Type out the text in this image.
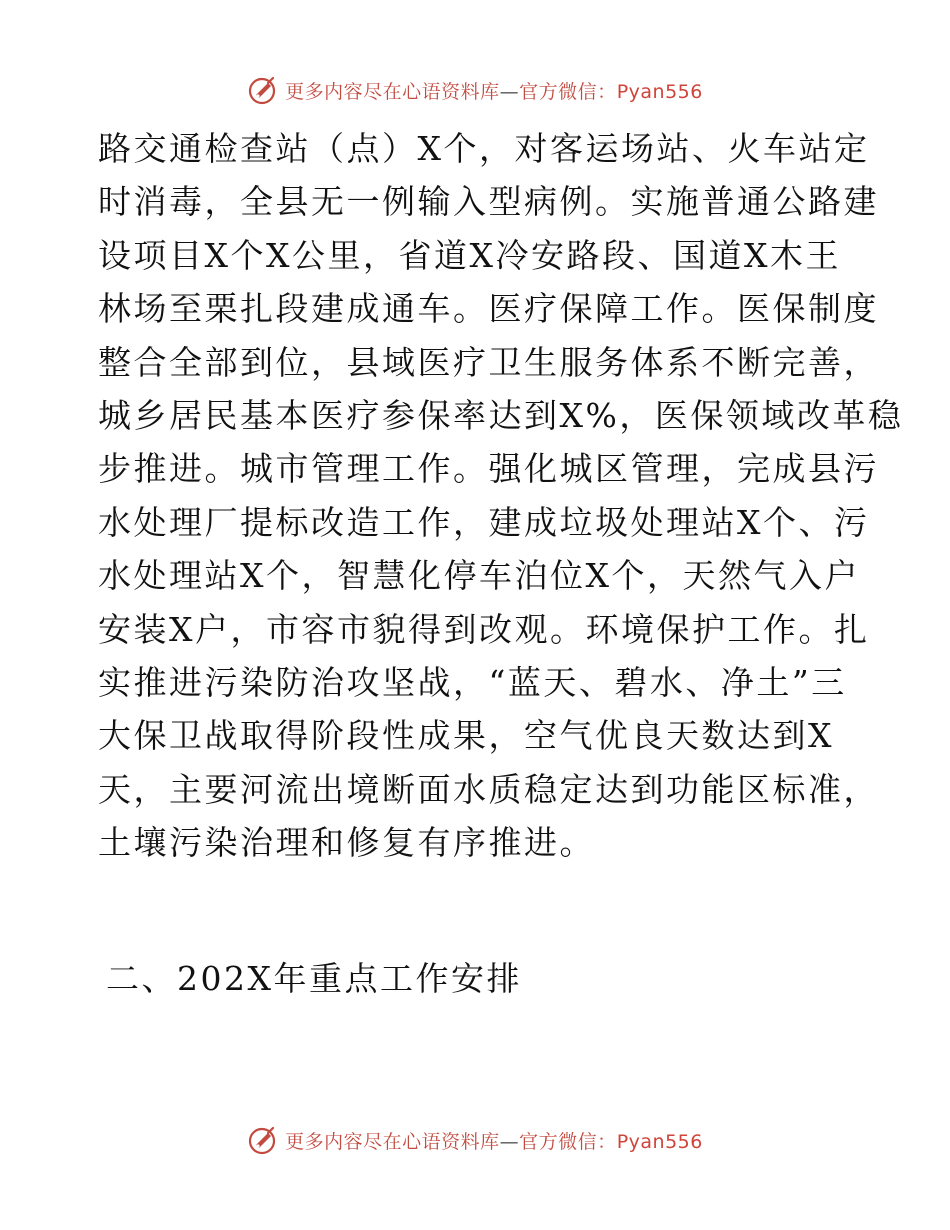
更多内容尽在心语资料库—官方微信：Pyan556
路交通检查站（点）X个，对客运场站、火车站定
时消毒，全县无一例输入型病例。实施普通公路建
设项目X个X公里，省道X冷安路段、国道X木王
林场至栗扎段建成通车。医疗保障工作。医保制度
整合全部到位，县域医疗卫生服务体系不断完善，
城乡居民基本医疗参保率达到X%，医保领域改革稳
步推进。城市管理工作。强化城区管理，完成县污
水处理厂提标改造工作，建成垃圾处理站X个、污
水处理站X个，智慧化停车泊位X个，天然气入户
安装X户，市容市貌得到改观。环境保护工作。扎
实推进污染防治攻坚战，“蓝天、碧水、净土”三
大保卫战取得阶段性成果，空气优良天数达到X
天，主要河流出境断面水质稳定达到功能区标准，
土壤污染治理和修复有序推进。
二、202X年重点工作安排
更多内容尽在心语资料库—官方微信：Pyan556
